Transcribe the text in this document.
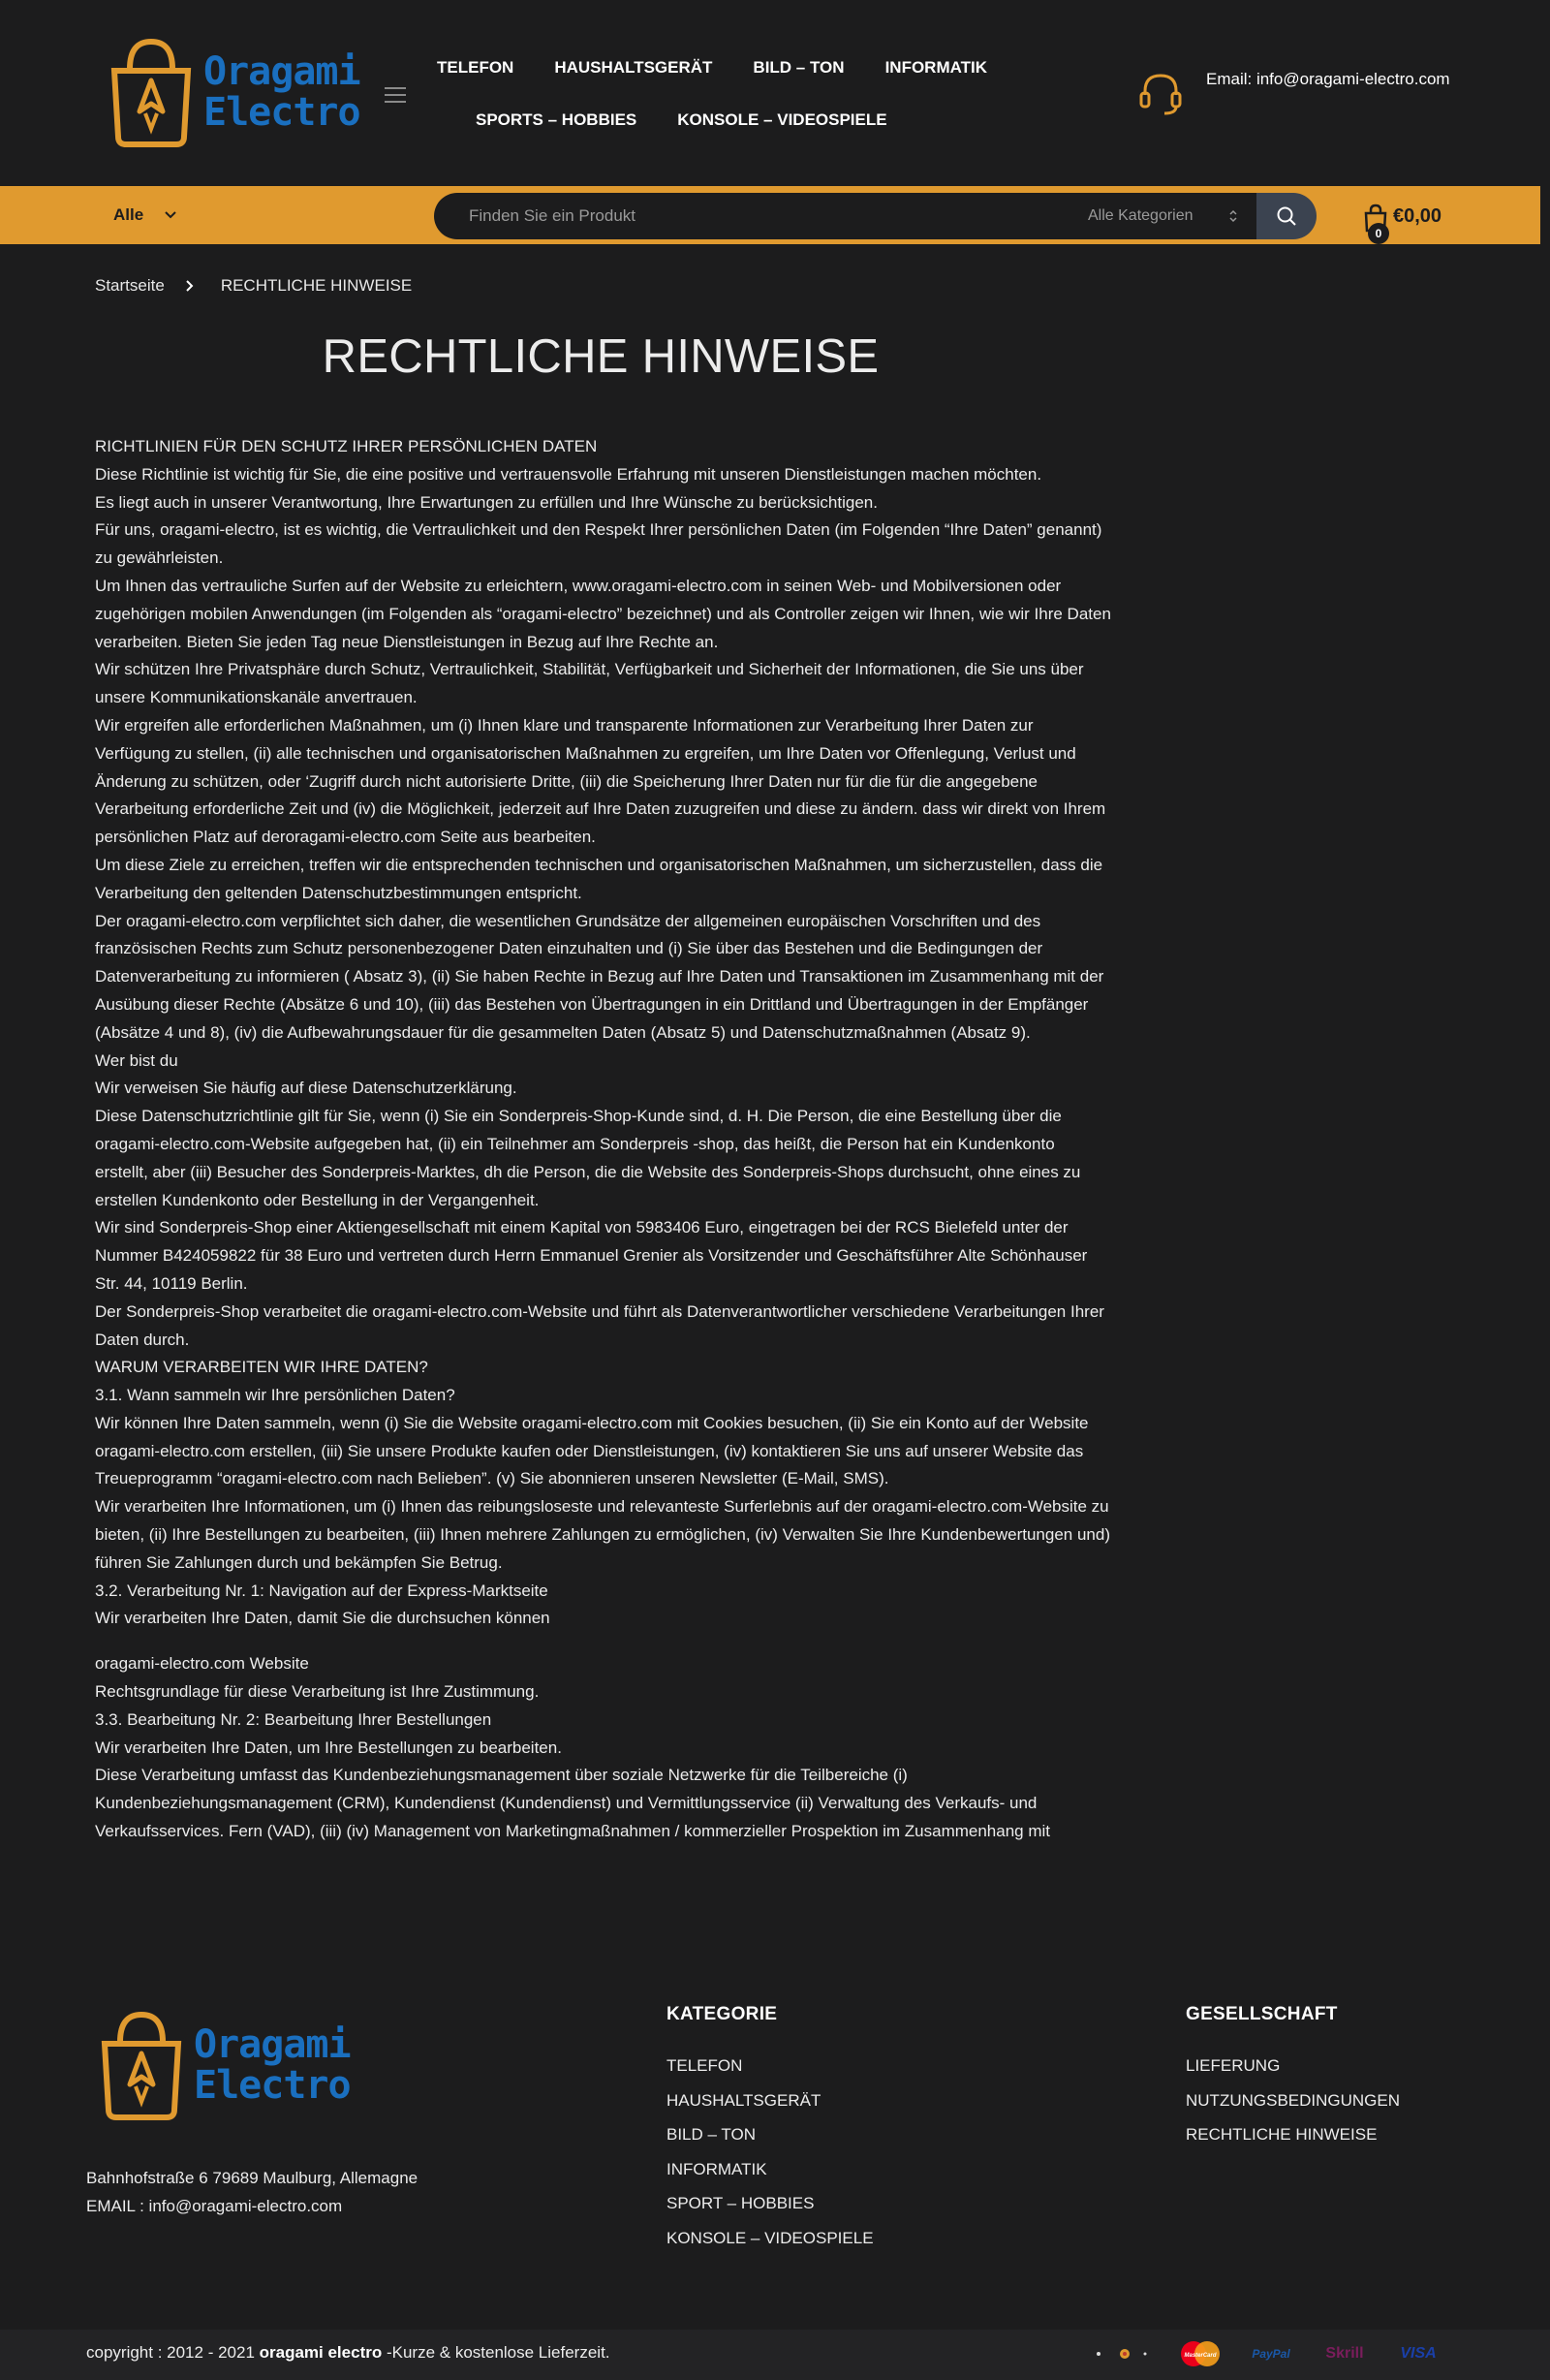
Oragami
Electro
TELEFON HAUSHALTSGERÄT BILD – TON INFORMATIK
SPORTS – HOBBIES KONSOLE – VIDEOSPIELE
Email: info@oragami-electro.com
Alle
Finden Sie ein Produkt	Alle Kategorien
0
€0,00
Startseite	RECHTLICHE HINWEISE
RECHTLICHE HINWEISE

RICHTLINIEN FÜR DEN SCHUTZ IHRER PERSÖNLICHEN DATEN

Diese Richtlinie ist wichtig für Sie, die eine positive und vertrauensvolle Erfahrung mit unseren Dienstleistungen machen möchten.

Es liegt auch in unserer Verantwortung, Ihre Erwartungen zu erfüllen und Ihre Wünsche zu berücksichtigen.

Für uns, oragami-electro, ist es wichtig, die Vertraulichkeit und den Respekt Ihrer persönlichen Daten (im Folgenden “Ihre Daten” genannt) zu gewährleisten.

Um Ihnen das vertrauliche Surfen auf der Website zu erleichtern, www.oragami-electro.com in seinen Web- und Mobilversionen oder zugehörigen mobilen Anwendungen (im Folgenden als “oragami-electro” bezeichnet) und als Controller zeigen wir Ihnen, wie wir Ihre Daten verarbeiten. Bieten Sie jeden Tag neue Dienstleistungen in Bezug auf Ihre Rechte an.

Wir schützen Ihre Privatsphäre durch Schutz, Vertraulichkeit, Stabilität, Verfügbarkeit und Sicherheit der Informationen, die Sie uns über unsere Kommunikationskanäle anvertrauen.

Wir ergreifen alle erforderlichen Maßnahmen, um (i) Ihnen klare und transparente Informationen zur Verarbeitung Ihrer Daten zur Verfügung zu stellen, (ii) alle technischen und organisatorischen Maßnahmen zu ergreifen, um Ihre Daten vor Offenlegung, Verlust und Änderung zu schützen, oder ‘Zugriff durch nicht autorisierte Dritte, (iii) die Speicherung Ihrer Daten nur für die für die angegebene Verarbeitung erforderliche Zeit und (iv) die Möglichkeit, jederzeit auf Ihre Daten zuzugreifen und diese zu ändern. dass wir direkt von Ihrem persönlichen Platz auf deroragami-electro.com Seite aus bearbeiten.

Um diese Ziele zu erreichen, treffen wir die entsprechenden technischen und organisatorischen Maßnahmen, um sicherzustellen, dass die Verarbeitung den geltenden Datenschutzbestimmungen entspricht.

Der oragami-electro.com verpflichtet sich daher, die wesentlichen Grundsätze der allgemeinen europäischen Vorschriften und des französischen Rechts zum Schutz personenbezogener Daten einzuhalten und (i) Sie über das Bestehen und die Bedingungen der Datenverarbeitung zu informieren ( Absatz 3), (ii) Sie haben Rechte in Bezug auf Ihre Daten und Transaktionen im Zusammenhang mit der Ausübung dieser Rechte (Absätze 6 und 10), (iii) das Bestehen von Übertragungen in ein Drittland und Übertragungen in der Empfänger (Absätze 4 und 8), (iv) die Aufbewahrungsdauer für die gesammelten Daten (Absatz 5) und Datenschutzmaßnahmen (Absatz 9).

Wer bist du

Wir verweisen Sie häufig auf diese Datenschutzerklärung.

Diese Datenschutzrichtlinie gilt für Sie, wenn (i) Sie ein Sonderpreis-Shop-Kunde sind, d. H. Die Person, die eine Bestellung über die oragami-electro.com-Website aufgegeben hat, (ii) ein Teilnehmer am Sonderpreis -shop, das heißt, die Person hat ein Kundenkonto erstellt, aber (iii) Besucher des Sonderpreis-Marktes, dh die Person, die die Website des Sonderpreis-Shops durchsucht, ohne eines zu erstellen Kundenkonto oder Bestellung in der Vergangenheit.

Wir sind Sonderpreis-Shop einer Aktiengesellschaft mit einem Kapital von 5983406 Euro, eingetragen bei der RCS Bielefeld unter der Nummer B424059822 für 38 Euro und vertreten durch Herrn Emmanuel Grenier als Vorsitzender und Geschäftsführer Alte Schönhauser Str. 44, 10119 Berlin.

Der Sonderpreis-Shop verarbeitet die oragami-electro.com-Website und führt als Datenverantwortlicher verschiedene Verarbeitungen Ihrer Daten durch.

WARUM VERARBEITEN WIR IHRE DATEN?

3.1. Wann sammeln wir Ihre persönlichen Daten?

Wir können Ihre Daten sammeln, wenn (i) Sie die Website oragami-electro.com mit Cookies besuchen, (ii) Sie ein Konto auf der Website oragami-electro.com erstellen, (iii) Sie unsere Produkte kaufen oder Dienstleistungen, (iv) kontaktieren Sie uns auf unserer Website das Treueprogramm “oragami-electro.com nach Belieben”. (v) Sie abonnieren unseren Newsletter (E-Mail, SMS).

Wir verarbeiten Ihre Informationen, um (i) Ihnen das reibungsloseste und relevanteste Surferlebnis auf der oragami-electro.com-Website zu bieten, (ii) Ihre Bestellungen zu bearbeiten, (iii) Ihnen mehrere Zahlungen zu ermöglichen, (iv) Verwalten Sie Ihre Kundenbewertungen und) führen Sie Zahlungen durch und bekämpfen Sie Betrug.

3.2. Verarbeitung Nr. 1: Navigation auf der Express-Marktseite

Wir verarbeiten Ihre Daten, damit Sie die durchsuchen können

oragami-electro.com Website

Rechtsgrundlage für diese Verarbeitung ist Ihre Zustimmung.

3.3. Bearbeitung Nr. 2: Bearbeitung Ihrer Bestellungen

Wir verarbeiten Ihre Daten, um Ihre Bestellungen zu bearbeiten.

Diese Verarbeitung umfasst das Kundenbeziehungsmanagement über soziale Netzwerke für die Teilbereiche (i) Kundenbeziehungsmanagement (CRM), Kundendienst (Kundendienst) und Vermittlungsservice (ii) Verwaltung des Verkaufs- und Verkaufsservices. Fern (VAD), (iii) (iv) Management von Marketingmaßnahmen / kommerzieller Prospektion im Zusammenhang mit

Oragami
Electro
Bahnhofstraße 6 79689 Maulburg, Allemagne
EMAIL : info@oragami-electro.com
KATEGORIE
TELEFON
HAUSHALTSGERÄT
BILD – TON
INFORMATIK
SPORT – HOBBIES
KONSOLE – VIDEOSPIELE
GESELLSCHAFT
LIEFERUNG
NUTZUNGSBEDINGUNGEN
RECHTLICHE HINWEISE
copyright : 2012 - 2021 oragami electro -Kurze & kostenlose Lieferzeit.	MasterCard	PayPal	Skrill	VISA
